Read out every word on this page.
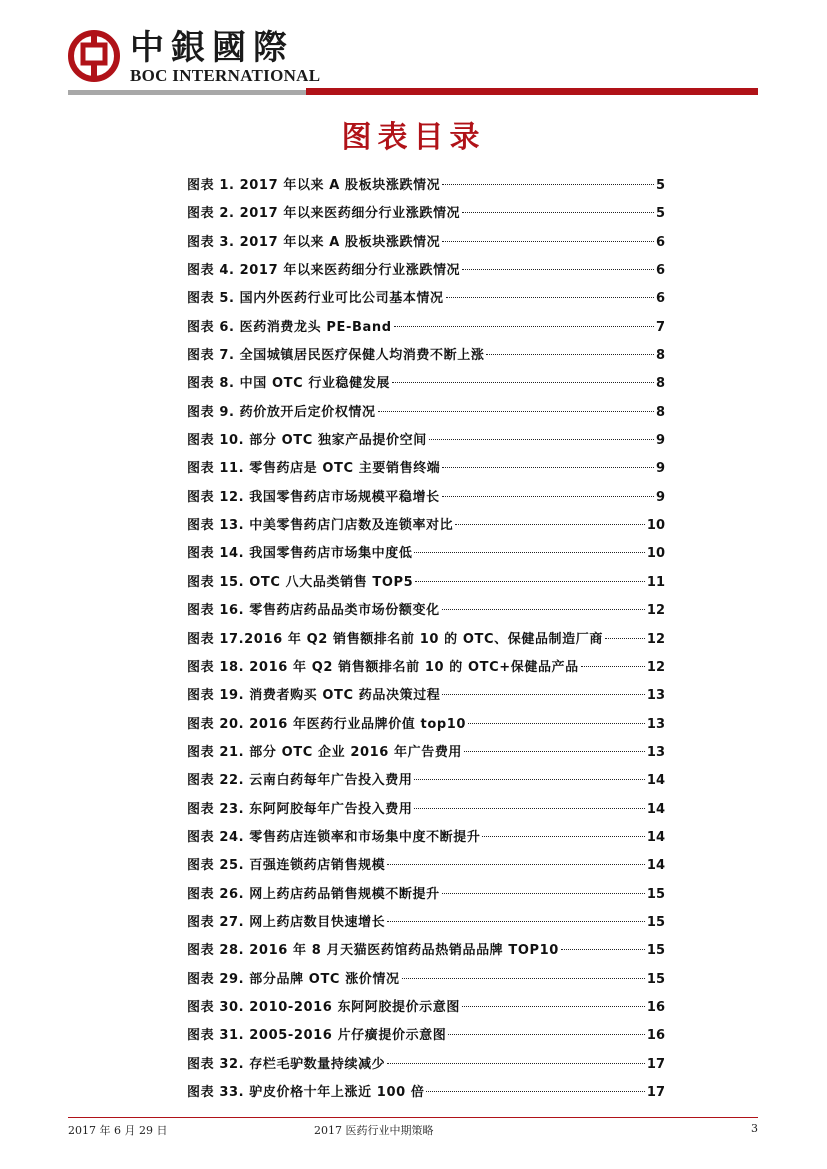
中銀國際
BOC INTERNATIONAL
图表目录
图表 1. 2017 年以来 A 股板块涨跌情况	5
图表 2. 2017 年以来医药细分行业涨跌情况	5
图表 3. 2017 年以来 A 股板块涨跌情况	6
图表 4. 2017 年以来医药细分行业涨跌情况	6
图表 5. 国内外医药行业可比公司基本情况	6
图表 6. 医药消费龙头 PE-Band	7
图表 7. 全国城镇居民医疗保健人均消费不断上涨	8
图表 8. 中国 OTC 行业稳健发展	8
图表 9. 药价放开后定价权情况	8
图表 10. 部分 OTC 独家产品提价空间	9
图表 11. 零售药店是 OTC 主要销售终端	9
图表 12. 我国零售药店市场规模平稳增长	9
图表 13. 中美零售药店门店数及连锁率对比	10
图表 14. 我国零售药店市场集中度低	10
图表 15. OTC 八大品类销售 TOP5	11
图表 16. 零售药店药品品类市场份额变化	12
图表 17.2016 年 Q2 销售额排名前 10 的 OTC、保健品制造厂商	12
图表 18. 2016 年 Q2 销售额排名前 10 的 OTC+保健品产品	12
图表 19. 消费者购买 OTC 药品决策过程	13
图表 20. 2016 年医药行业品牌价值 top10	13
图表 21. 部分 OTC 企业 2016 年广告费用	13
图表 22. 云南白药每年广告投入费用	14
图表 23. 东阿阿胶每年广告投入费用	14
图表 24. 零售药店连锁率和市场集中度不断提升	14
图表 25. 百强连锁药店销售规模	14
图表 26. 网上药店药品销售规模不断提升	15
图表 27. 网上药店数目快速增长	15
图表 28. 2016 年 8 月天猫医药馆药品热销品品牌 TOP10	15
图表 29. 部分品牌 OTC 涨价情况	15
图表 30. 2010-2016 东阿阿胶提价示意图	16
图表 31. 2005-2016 片仔癀提价示意图	16
图表 32. 存栏毛驴数量持续减少	17
图表 33. 驴皮价格十年上涨近 100 倍	17
2017 年 6 月 29 日	2017 医药行业中期策略	3
